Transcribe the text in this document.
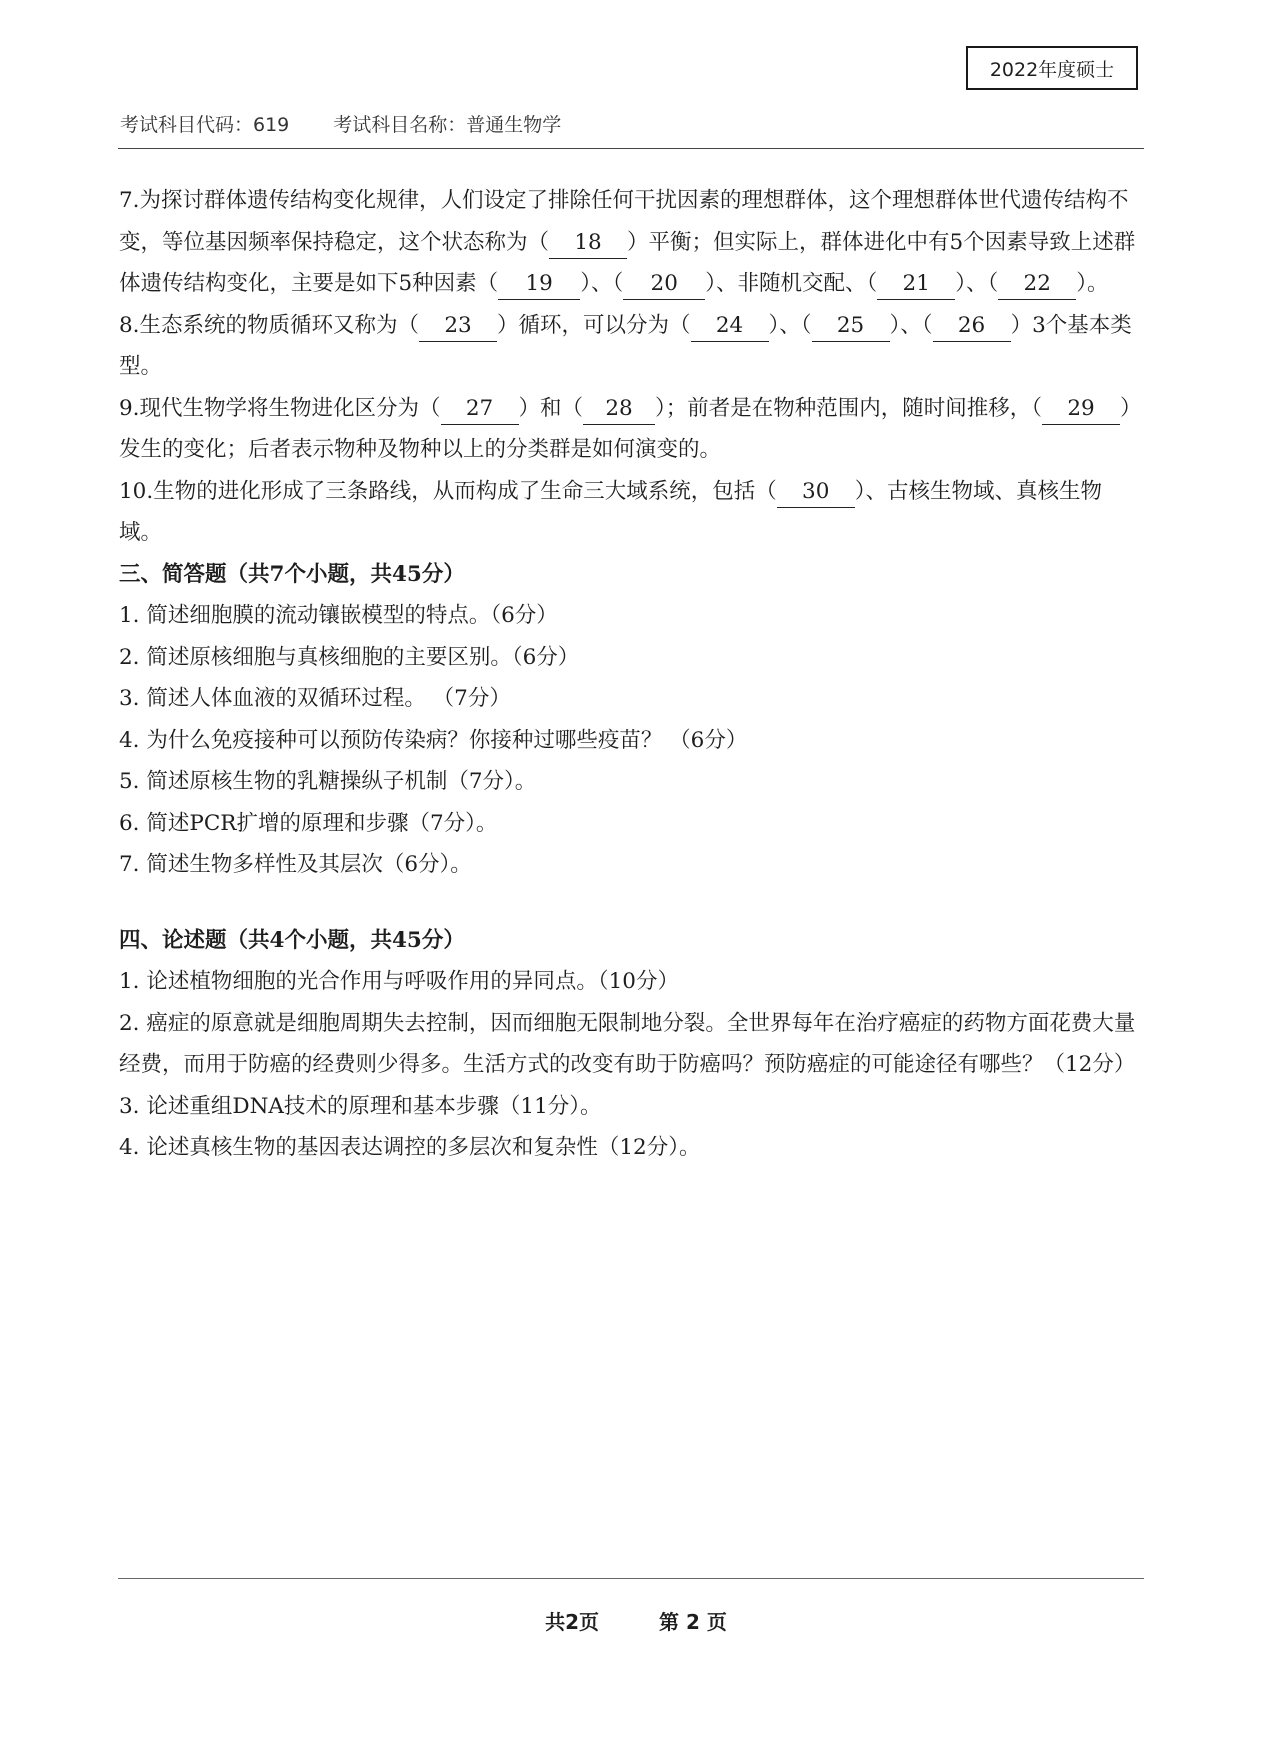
2022年度硕士
考试科目代码：619 考试科目名称：普通生物学

7.为探讨群体遗传结构变化规律，人们设定了排除任何干扰因素的理想群体，这个理想群体世代遗传结构不变，等位基因频率保持稳定，这个状态称为（ 18 ）平衡；但实际上，群体进化中有5个因素导致上述群体遗传结构变化，主要是如下5种因素（ 19 ）、（ 20 ）、非随机交配、（ 21 ）、（ 22 ）。

8.生态系统的物质循环又称为（ 23 ）循环，可以分为（ 24 ）、（ 25 ）、（ 26 ）3个基本类型。

9.现代生物学将生物进化区分为（ 27 ）和（ 28 ）；前者是在物种范围内，随时间推移，（ 29 ）发生的变化；后者表示物种及物种以上的分类群是如何演变的。

10.生物的进化形成了三条路线，从而构成了生命三大域系统，包括（ 30 ）、古核生物域、真核生物域。

三、简答题（共7个小题，共45分）

1. 简述细胞膜的流动镶嵌模型的特点。（6分）

2. 简述原核细胞与真核细胞的主要区别。（6分）

3. 简述人体血液的双循环过程。 （7分）

4. 为什么免疫接种可以预防传染病？你接种过哪些疫苗？ （6分）

5. 简述原核生物的乳糖操纵子机制（7分）。

6. 简述PCR扩增的原理和步骤（7分）。

7. 简述生物多样性及其层次（6分）。

四、论述题（共4个小题，共45分）

1. 论述植物细胞的光合作用与呼吸作用的异同点。（10分）

2. 癌症的原意就是细胞周期失去控制，因而细胞无限制地分裂。全世界每年在治疗癌症的药物方面花费大量经费，而用于防癌的经费则少得多。生活方式的改变有助于防癌吗？预防癌症的可能途径有哪些？（12分）

3. 论述重组DNA技术的原理和基本步骤（11分）。

4. 论述真核生物的基因表达调控的多层次和复杂性（12分）。

共2页	第 2 页
